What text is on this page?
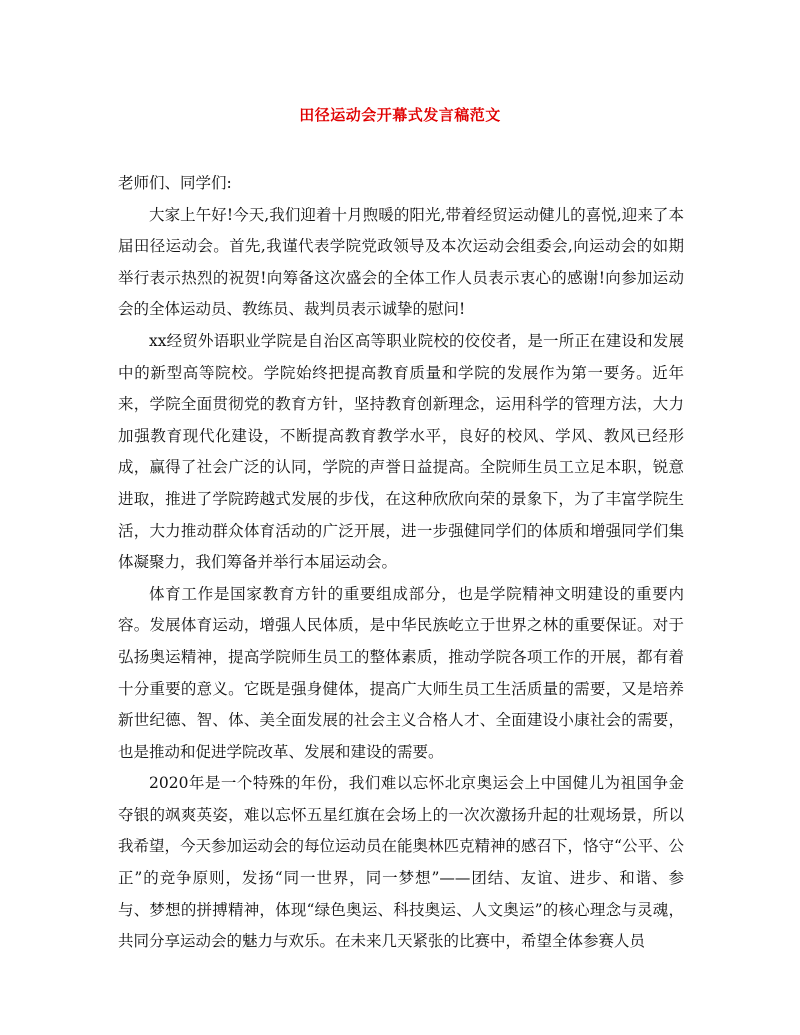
田径运动会开幕式发言稿范文

老师们、同学们:

大家上午好!今天,我们迎着十月煦暖的阳光,带着经贸运动健儿的喜悦,迎来了本届田径运动会。首先,我谨代表学院党政领导及本次运动会组委会,向运动会的如期举行表示热烈的祝贺!向筹备这次盛会的全体工作人员表示衷心的感谢!向参加运动会的全体运动员、教练员、裁判员表示诚挚的慰问!

xx经贸外语职业学院是自治区高等职业院校的佼佼者，是一所正在建设和发展中的新型高等院校。学院始终把提高教育质量和学院的发展作为第一要务。近年来，学院全面贯彻党的教育方针，坚持教育创新理念，运用科学的管理方法，大力加强教育现代化建设，不断提高教育教学水平，良好的校风、学风、教风已经形成，赢得了社会广泛的认同，学院的声誉日益提高。全院师生员工立足本职，锐意进取，推进了学院跨越式发展的步伐，在这种欣欣向荣的景象下，为了丰富学院生活，大力推动群众体育活动的广泛开展，进一步强健同学们的体质和增强同学们集体凝聚力，我们筹备并举行本届运动会。

体育工作是国家教育方针的重要组成部分，也是学院精神文明建设的重要内容。发展体育运动，增强人民体质，是中华民族屹立于世界之林的重要保证。对于弘扬奥运精神，提高学院师生员工的整体素质，推动学院各项工作的开展，都有着十分重要的意义。它既是强身健体，提高广大师生员工生活质量的需要，又是培养新世纪德、智、体、美全面发展的社会主义合格人才、全面建设小康社会的需要，也是推动和促进学院改革、发展和建设的需要。

2020年是一个特殊的年份，我们难以忘怀北京奥运会上中国健儿为祖国争金夺银的飒爽英姿，难以忘怀五星红旗在会场上的一次次激扬升起的壮观场景，所以我希望，今天参加运动会的每位运动员在能奥林匹克精神的感召下，恪守“公平、公正”的竞争原则，发扬“同一世界，同一梦想”——团结、友谊、进步、和谐、参与、梦想的拼搏精神，体现“绿色奥运、科技奥运、人文奥运”的核心理念与灵魂，共同分享运动会的魅力与欢乐。在未来几天紧张的比赛中，希望全体参赛人员
